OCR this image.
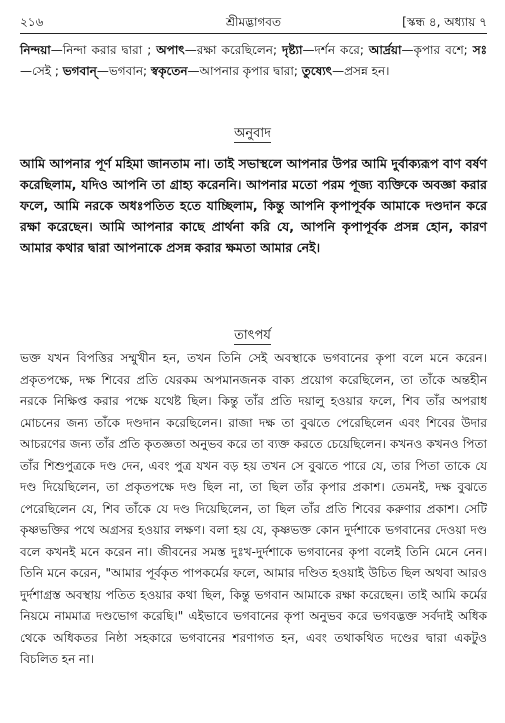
২১৬	শ্রীমদ্ভাগবত	[স্কন্ধ ৪, অধ্যায় ৭
নিন্দয়া—নিন্দা করার দ্বারা ; অপাৎ—রক্ষা করেছিলেন; দৃষ্ট্যা—দর্শন করে; আর্দ্রয়া—কৃপার বশে; সঃ—সেই ; ভগবান্—ভগবান; স্বকৃতেন—আপনার কৃপার দ্বারা; তুষ্যেৎ—প্রসন্ন হন।
অনুবাদ
আমি আপনার পূর্ণ মহিমা জানতাম না। তাই সভাস্থলে আপনার উপর আমি দুর্বাক্যরূপ বাণ বর্ষণ করেছিলাম, যদিও আপনি তা গ্রাহ্য করেননি। আপনার মতো পরম পূজ্য ব্যক্তিকে অবজ্ঞা করার ফলে, আমি নরকে অধঃপতিত হতে যাচ্ছিলাম, কিন্তু আপনি কৃপাপূর্বক আমাকে দণ্ডদান করে রক্ষা করেছেন। আমি আপনার কাছে প্রার্থনা করি যে, আপনি কৃপাপূর্বক প্রসন্ন হোন, কারণ আমার কথার দ্বারা আপনাকে প্রসন্ন করার ক্ষমতা আমার নেই।
তাৎপর্য

ভক্ত যখন বিপত্তির সম্মুখীন হন, তখন তিনি সেই অবস্থাকে ভগবানের কৃপা বলে মনে করেন। প্রকৃতপক্ষে, দক্ষ শিবের প্রতি যেরকম অপমানজনক বাক্য প্রয়োগ করেছিলেন, তা তাঁকে অন্তহীন নরকে নিক্ষিপ্ত করার পক্ষে যথেষ্ট ছিল। কিন্তু তাঁর প্রতি দয়ালু হওয়ার ফলে, শিব তাঁর অপরাধ মোচনের জন্য তাঁকে দণ্ডদান করেছিলেন। রাজা দক্ষ তা বুঝতে পেরেছিলেন এবং শিবের উদার আচরণের জন্য তাঁর প্রতি কৃতজ্ঞতা অনুভব করে তা ব্যক্ত করতে চেয়েছিলেন। কখনও কখনও পিতা তাঁর শিশুপুত্রকে দণ্ড দেন, এবং পুত্র যখন বড় হয় তখন সে বুঝতে পারে যে, তার পিতা তাকে যে দণ্ড দিয়েছিলেন, তা প্রকৃতপক্ষে দণ্ড ছিল না, তা ছিল তাঁর কৃপার প্রকাশ। তেমনই, দক্ষ বুঝতে পেরেছিলেন যে, শিব তাঁকে যে দণ্ড দিয়েছিলেন, তা ছিল তাঁর প্রতি শিবের করুণার প্রকাশ। সেটি কৃষ্ণভক্তির পথে অগ্রসর হওয়ার লক্ষণ। বলা হয় যে, কৃষ্ণভক্ত কোন দুর্দশাকে ভগবানের দেওয়া দণ্ড বলে কখনই মনে করেন না। জীবনের সমস্ত দুঃখ-দুর্দশাকে ভগবানের কৃপা বলেই তিনি মেনে নেন। তিনি মনে করেন, "আমার পূর্বকৃত পাপকর্মের ফলে, আমার দণ্ডিত হওয়াই উচিত ছিল অথবা আরও দুর্দশাগ্রস্ত অবস্থায় পতিত হওয়ার কথা ছিল, কিন্তু ভগবান আমাকে রক্ষা করেছেন। তাই আমি কর্মের নিয়মে নামমাত্র দণ্ডভোগ করেছি।" এইভাবে ভগবানের কৃপা অনুভব করে ভগবদ্ভক্ত সর্বদাই অধিক থেকে অধিকতর নিষ্ঠা সহকারে ভগবানের শরণাগত হন, এবং তথাকথিত দণ্ডের দ্বারা একটুও বিচলিত হন না।
